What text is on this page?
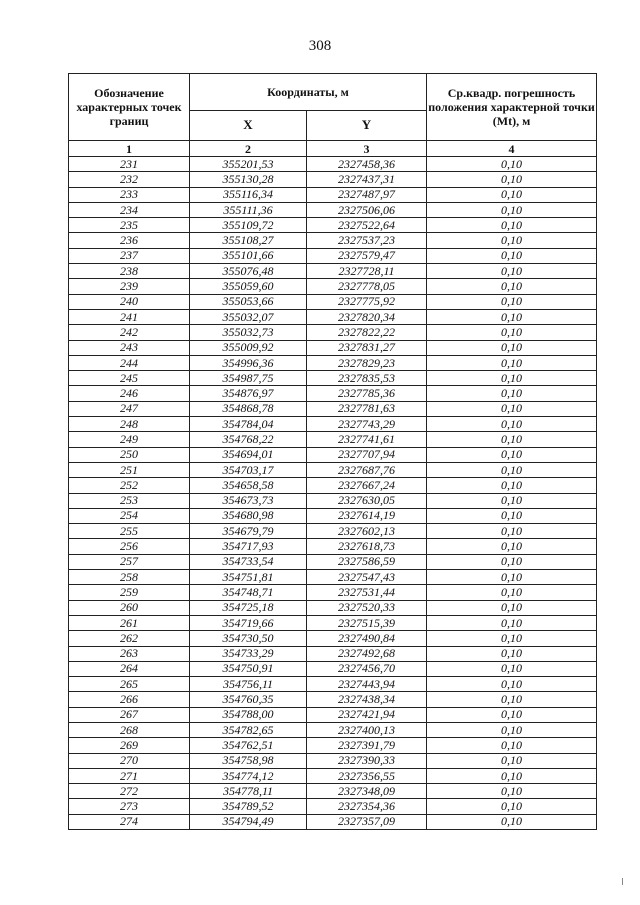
308
Обозначение характерных точек границ	Координаты, м		Ср.квадр. погрешность положения характерной точки (Mt), м
	X	Y	
1	2	3	4
231	355201,53	2327458,36	0,10
232	355130,28	2327437,31	0,10
233	355116,34	2327487,97	0,10
234	355111,36	2327506,06	0,10
235	355109,72	2327522,64	0,10
236	355108,27	2327537,23	0,10
237	355101,66	2327579,47	0,10
238	355076,48	2327728,11	0,10
239	355059,60	2327778,05	0,10
240	355053,66	2327775,92	0,10
241	355032,07	2327820,34	0,10
242	355032,73	2327822,22	0,10
243	355009,92	2327831,27	0,10
244	354996,36	2327829,23	0,10
245	354987,75	2327835,53	0,10
246	354876,97	2327785,36	0,10
247	354868,78	2327781,63	0,10
248	354784,04	2327743,29	0,10
249	354768,22	2327741,61	0,10
250	354694,01	2327707,94	0,10
251	354703,17	2327687,76	0,10
252	354658,58	2327667,24	0,10
253	354673,73	2327630,05	0,10
254	354680,98	2327614,19	0,10
255	354679,79	2327602,13	0,10
256	354717,93	2327618,73	0,10
257	354733,54	2327586,59	0,10
258	354751,81	2327547,43	0,10
259	354748,71	2327531,44	0,10
260	354725,18	2327520,33	0,10
261	354719,66	2327515,39	0,10
262	354730,50	2327490,84	0,10
263	354733,29	2327492,68	0,10
264	354750,91	2327456,70	0,10
265	354756,11	2327443,94	0,10
266	354760,35	2327438,34	0,10
267	354788,00	2327421,94	0,10
268	354782,65	2327400,13	0,10
269	354762,51	2327391,79	0,10
270	354758,98	2327390,33	0,10
271	354774,12	2327356,55	0,10
272	354778,11	2327348,09	0,10
273	354789,52	2327354,36	0,10
274	354794,49	2327357,09	0,10
